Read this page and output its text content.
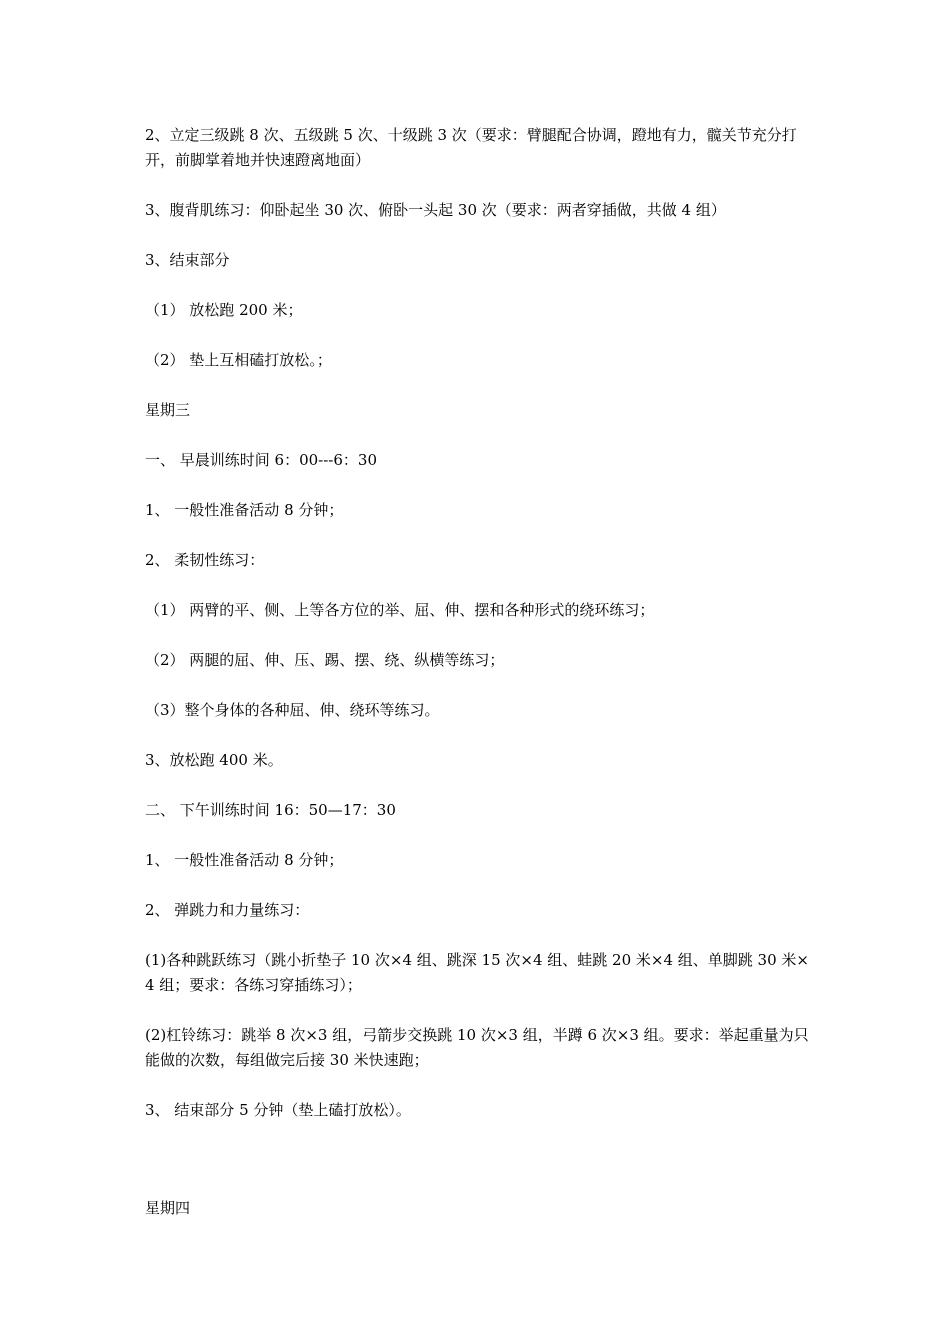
2、立定三级跳 8 次、五级跳 5 次、十级跳 3 次（要求：臂腿配合协调，蹬地有力，髋关节充分打开，前脚掌着地并快速蹬离地面）

3、腹背肌练习：仰卧起坐 30 次、俯卧一头起 30 次（要求：两者穿插做，共做 4 组）

3、结束部分

（1） 放松跑 200 米；

（2） 垫上互相磕打放松。；

星期三

一、 早晨训练时间 6：00---6：30

1、 一般性准备活动 8 分钟；

2、 柔韧性练习：

（1） 两臂的平、侧、上等各方位的举、屈、伸、摆和各种形式的绕环练习；

（2） 两腿的屈、伸、压、踢、摆、绕、纵横等练习；

（3）整个身体的各种屈、伸、绕环等练习。

3、放松跑 400 米。

二、 下午训练时间 16：50—17：30

1、 一般性准备活动 8 分钟；

2、 弹跳力和力量练习：

(1)各种跳跃练习（跳小折垫子 10 次×4 组、跳深 15 次×4 组、蛙跳 20 米×4 组、单脚跳 30 米×4 组；要求：各练习穿插练习）；

(2)杠铃练习：跳举 8 次×3 组，弓箭步交换跳 10 次×3 组，半蹲 6 次×3 组。要求：举起重量为只能做的次数，每组做完后接 30 米快速跑；

3、 结束部分 5 分钟（垫上磕打放松）。

星期四
